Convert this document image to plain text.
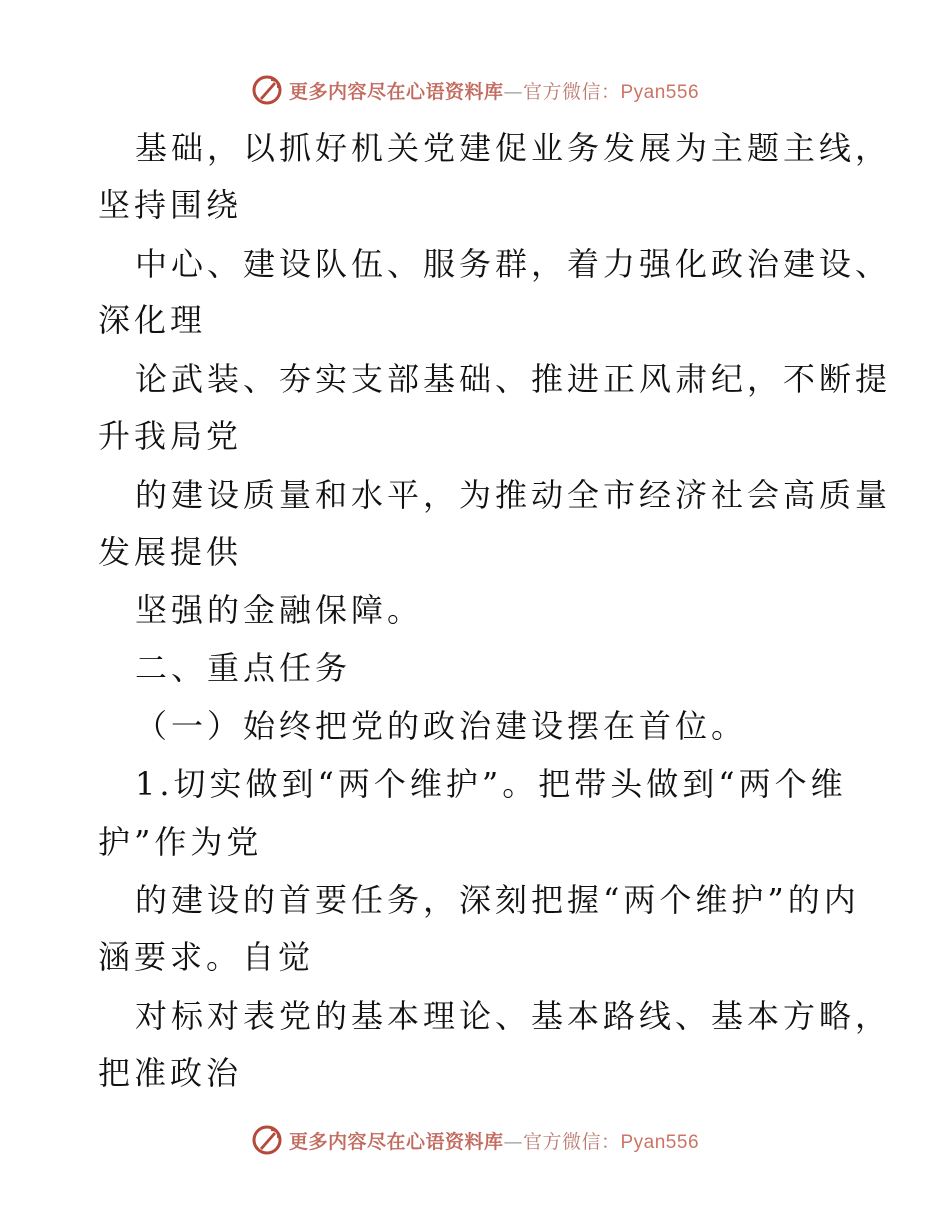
更多内容尽在心语资料库—官方微信：Pyan556
基础，以抓好机关党建促业务发展为主题主线，
坚持围绕
中心、建设队伍、服务群，着力强化政治建设、
深化理
论武装、夯实支部基础、推进正风肃纪，不断提
升我局党
的建设质量和水平，为推动全市经济社会高质量
发展提供
坚强的金融保障。
二、重点任务
（一）始终把党的政治建设摆在首位。
1.切实做到“两个维护”。把带头做到“两个维
护”作为党
的建设的首要任务，深刻把握“两个维护”的内
涵要求。自觉
对标对表党的基本理论、基本路线、基本方略，
把准政治
更多内容尽在心语资料库—官方微信：Pyan556
